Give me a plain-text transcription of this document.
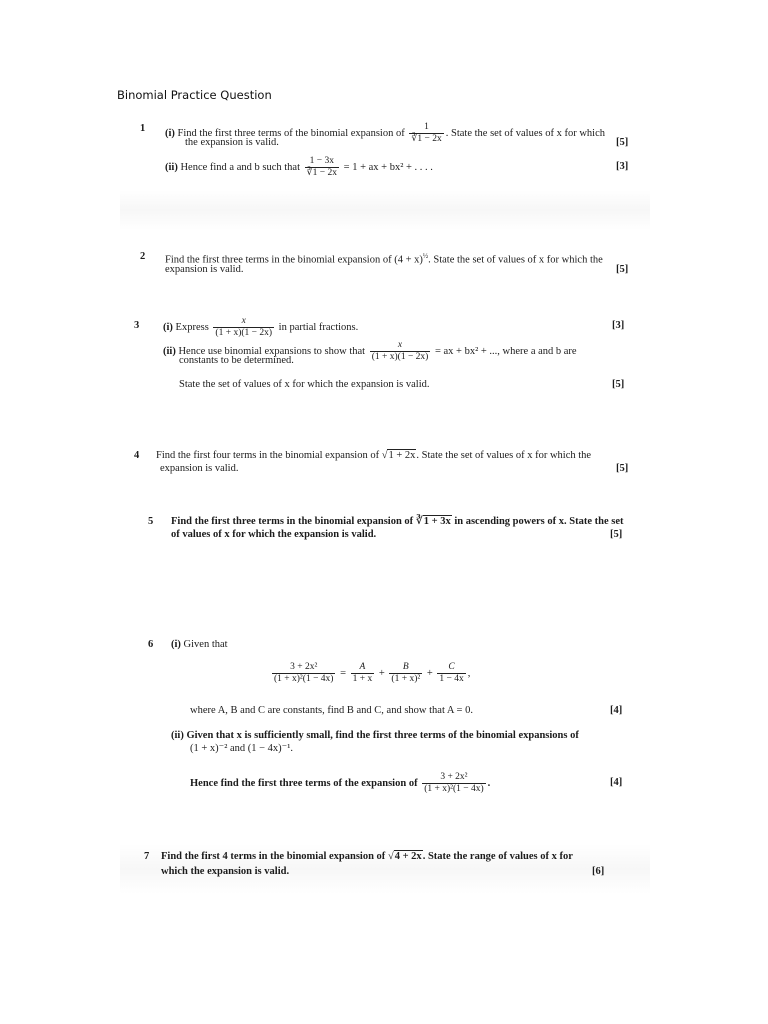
Binomial Practice Question
1 (i) Find the first three terms of the binomial expansion of $\frac{1}{∛1 - 2x}$ . State the set of values of x for which
the expansion is valid.	[5]
(ii) Hence find a and b such that $\frac{1 - 3x}{∛1 - 2x} = 1$ + ax + bx² + . . . .	[3]
2 Find the first three terms in the binomial expansion of $(4 + x)^{\frac{1}{2}}$. State the set of values of x for which the
expansion is valid.	[5]
3 (i) Express $\frac{x}{(1 + x)(1 - 2x)}$ in partial fractions.	[3]
(ii) Hence use binomial expansions to show that $\frac{x}{(1 + x)(1 - 2x)}$ = ax + bx² + ..., where a and b are
constants to be determined.
State the set of values of x for which the expansion is valid.	[5]
4 Find the first four terms in the binomial expansion of √1 + 2x. State the set of values of x for which the
expansion is valid.	[5]
5 Find the first three terms in the binomial expansion of ∛1 + 3x in ascending powers of x. State the set
of values of x for which the expansion is valid.	[5]
6 (i) Given that
$\frac{\text{3 + 2x²}}{\text{(1 + x)²(1 − 4x)}} = \frac{A}{1 + x} + \frac{B}{\text{(1 + x)²}} + \frac{C}{1 - 4x}$ ,
where A, B and C are constants, find B and C, and show that A = 0.	[4]
(ii) Given that x is sufficiently small, find the first three terms of the binomial expansions of
(1 + x)⁻² and (1 − 4x)⁻¹.
Hence find the first three terms of the expansion of $\frac{\text{3 + 2x²}}{\text{(1 + x)²(1 − 4x)}}$ .	[4]
7 Find the first 4 terms in the binomial expansion of √4 + 2x. State the range of values of x for
which the expansion is valid.	[6]
